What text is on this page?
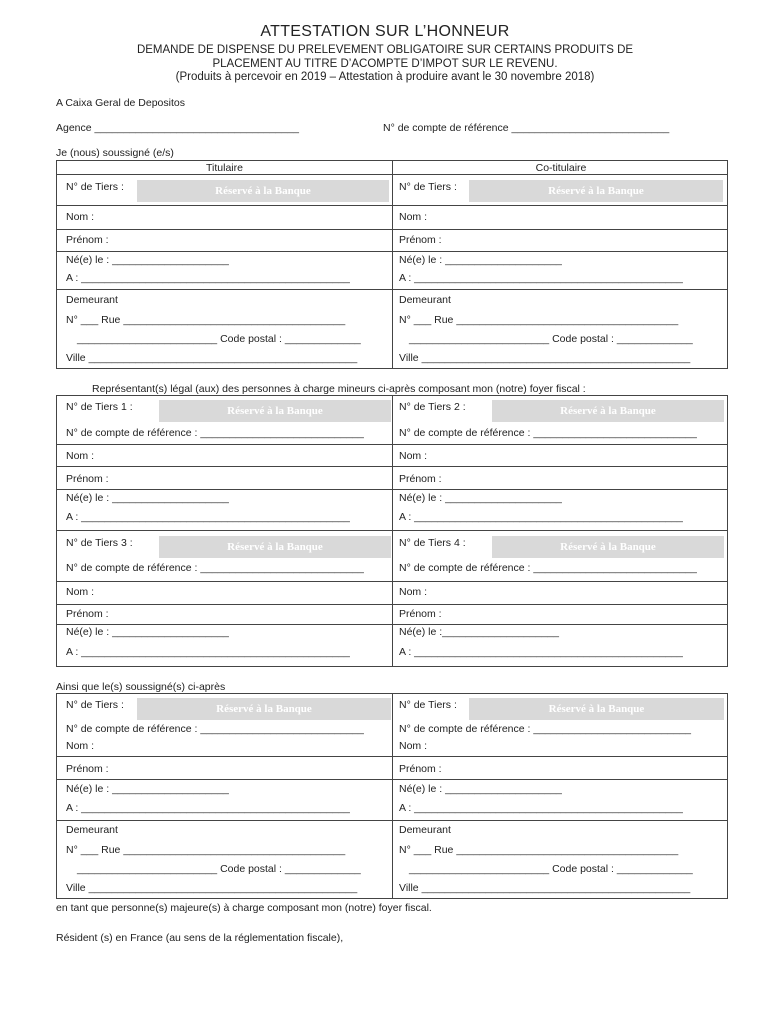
ATTESTATION SUR L’HONNEUR
DEMANDE DE DISPENSE DU PRELEVEMENT OBLIGATOIRE SUR CERTAINS PRODUITS DE
PLACEMENT AU TITRE D’ACOMPTE D’IMPOT SUR LE REVENU.
(Produits à percevoir en 2019 – Attestation à produire avant le 30 novembre 2018)
A Caixa Geral de Depositos
Agence ___________________________________	N° de compte de référence ___________________________
Je (nous) soussigné (e/s)
Titulaire	Co-titulaire
N° de Tiers :	Réservé à la Banque	N° de Tiers :	Réservé à la Banque
Nom :	Nom :
Prénom :	Prénom :
Né(e) le : ____________________	Né(e) le : ____________________
A : ______________________________________________	A : ______________________________________________
Demeurant	Demeurant
N° ___ Rue ______________________________________	N° ___ Rue ______________________________________
________________________ Code postal : _____________	________________________ Code postal : _____________
Ville ______________________________________________	Ville ______________________________________________
Représentant(s) légal (aux) des personnes à charge mineurs ci-après composant mon (notre) foyer fiscal :
N° de Tiers 1 :	Réservé à la Banque	N° de Tiers 2 :	Réservé à la Banque
N° de compte de référence : ____________________________	N° de compte de référence : ____________________________
Nom :	Nom :
Prénom :	Prénom :
Né(e) le : ____________________	Né(e) le : ____________________
A : ______________________________________________	A : ______________________________________________
N° de Tiers 3 :	Réservé à la Banque	N° de Tiers 4 :	Réservé à la Banque
N° de compte de référence : ____________________________	N° de compte de référence : ____________________________
Nom :	Nom :
Prénom :	Prénom :
Né(e) le : ____________________	Né(e) le :____________________
A : ______________________________________________	A : ______________________________________________
Ainsi que le(s) soussigné(s) ci-après
N° de Tiers :	Réservé à la Banque	N° de Tiers :	Réservé à la Banque
N° de compte de référence : ____________________________	N° de compte de référence : ___________________________
Nom :	Nom :
Prénom :	Prénom :
Né(e) le : ____________________	Né(e) le : ____________________
A : ______________________________________________	A : ______________________________________________
Demeurant	Demeurant
N° ___ Rue ______________________________________	N° ___ Rue ______________________________________
________________________ Code postal : _____________	________________________ Code postal : _____________
Ville ______________________________________________	Ville ______________________________________________
en tant que personne(s) majeure(s) à charge composant mon (notre) foyer fiscal.
Résident (s) en France (au sens de la réglementation fiscale),
